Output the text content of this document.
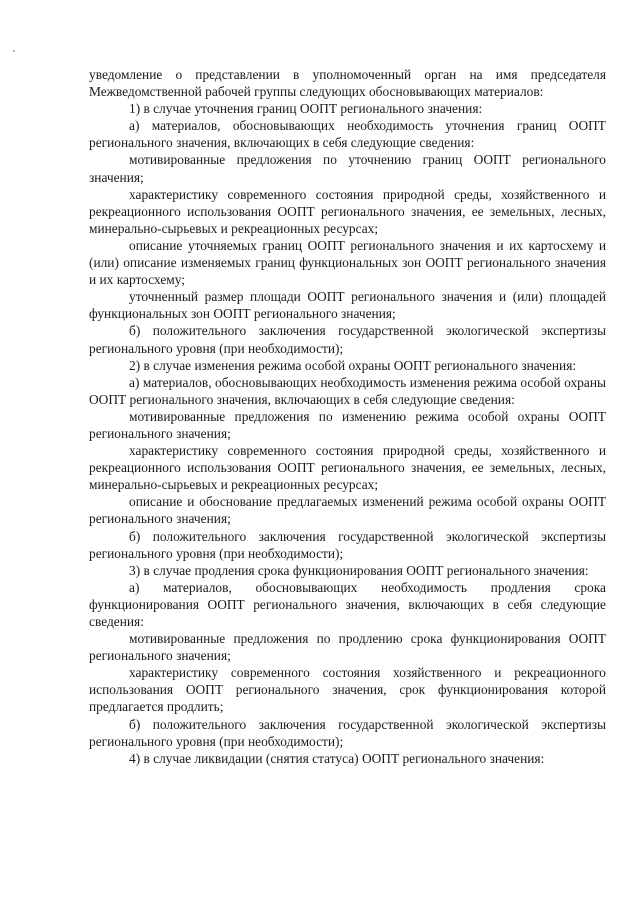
уведомление о представлении в уполномоченный орган на имя председателя Межведомственной рабочей группы следующих обосновывающих материалов:

1) в случае уточнения границ ООПТ регионального значения:

а) материалов, обосновывающих необходимость уточнения границ ООПТ регионального значения, включающих в себя следующие сведения:

мотивированные предложения по уточнению границ ООПТ регионального значения;

характеристику современного состояния природной среды, хозяйственного и рекреационного использования ООПТ регионального значения, ее земельных, лесных, минерально-сырьевых и рекреационных ресурсах;

описание уточняемых границ ООПТ регионального значения и их картосхему и (или) описание изменяемых границ функциональных зон ООПТ регионального значения и их картосхему;

уточненный размер площади ООПТ регионального значения и (или) площадей функциональных зон ООПТ регионального значения;

б) положительного заключения государственной экологической экспертизы регионального уровня (при необходимости);

2) в случае изменения режима особой охраны ООПТ регионального значения:

а) материалов, обосновывающих необходимость изменения режима особой охраны ООПТ регионального значения, включающих в себя следующие сведения:

мотивированные предложения по изменению режима особой охраны ООПТ регионального значения;

характеристику современного состояния природной среды, хозяйственного и рекреационного использования ООПТ регионального значения, ее земельных, лесных, минерально-сырьевых и рекреационных ресурсах;

описание и обоснование предлагаемых изменений режима особой охраны ООПТ регионального значения;

б) положительного заключения государственной экологической экспертизы регионального уровня (при необходимости);

3) в случае продления срока функционирования ООПТ регионального значения:

а) материалов, обосновывающих необходимость продления срока функционирования ООПТ регионального значения, включающих в себя следующие сведения:

мотивированные предложения по продлению срока функционирования ООПТ регионального значения;

характеристику современного состояния хозяйственного и рекреационного использования ООПТ регионального значения, срок функционирования которой предлагается продлить;

б) положительного заключения государственной экологической экспертизы регионального уровня (при необходимости);

4) в случае ликвидации (снятия статуса) ООПТ регионального значения:
